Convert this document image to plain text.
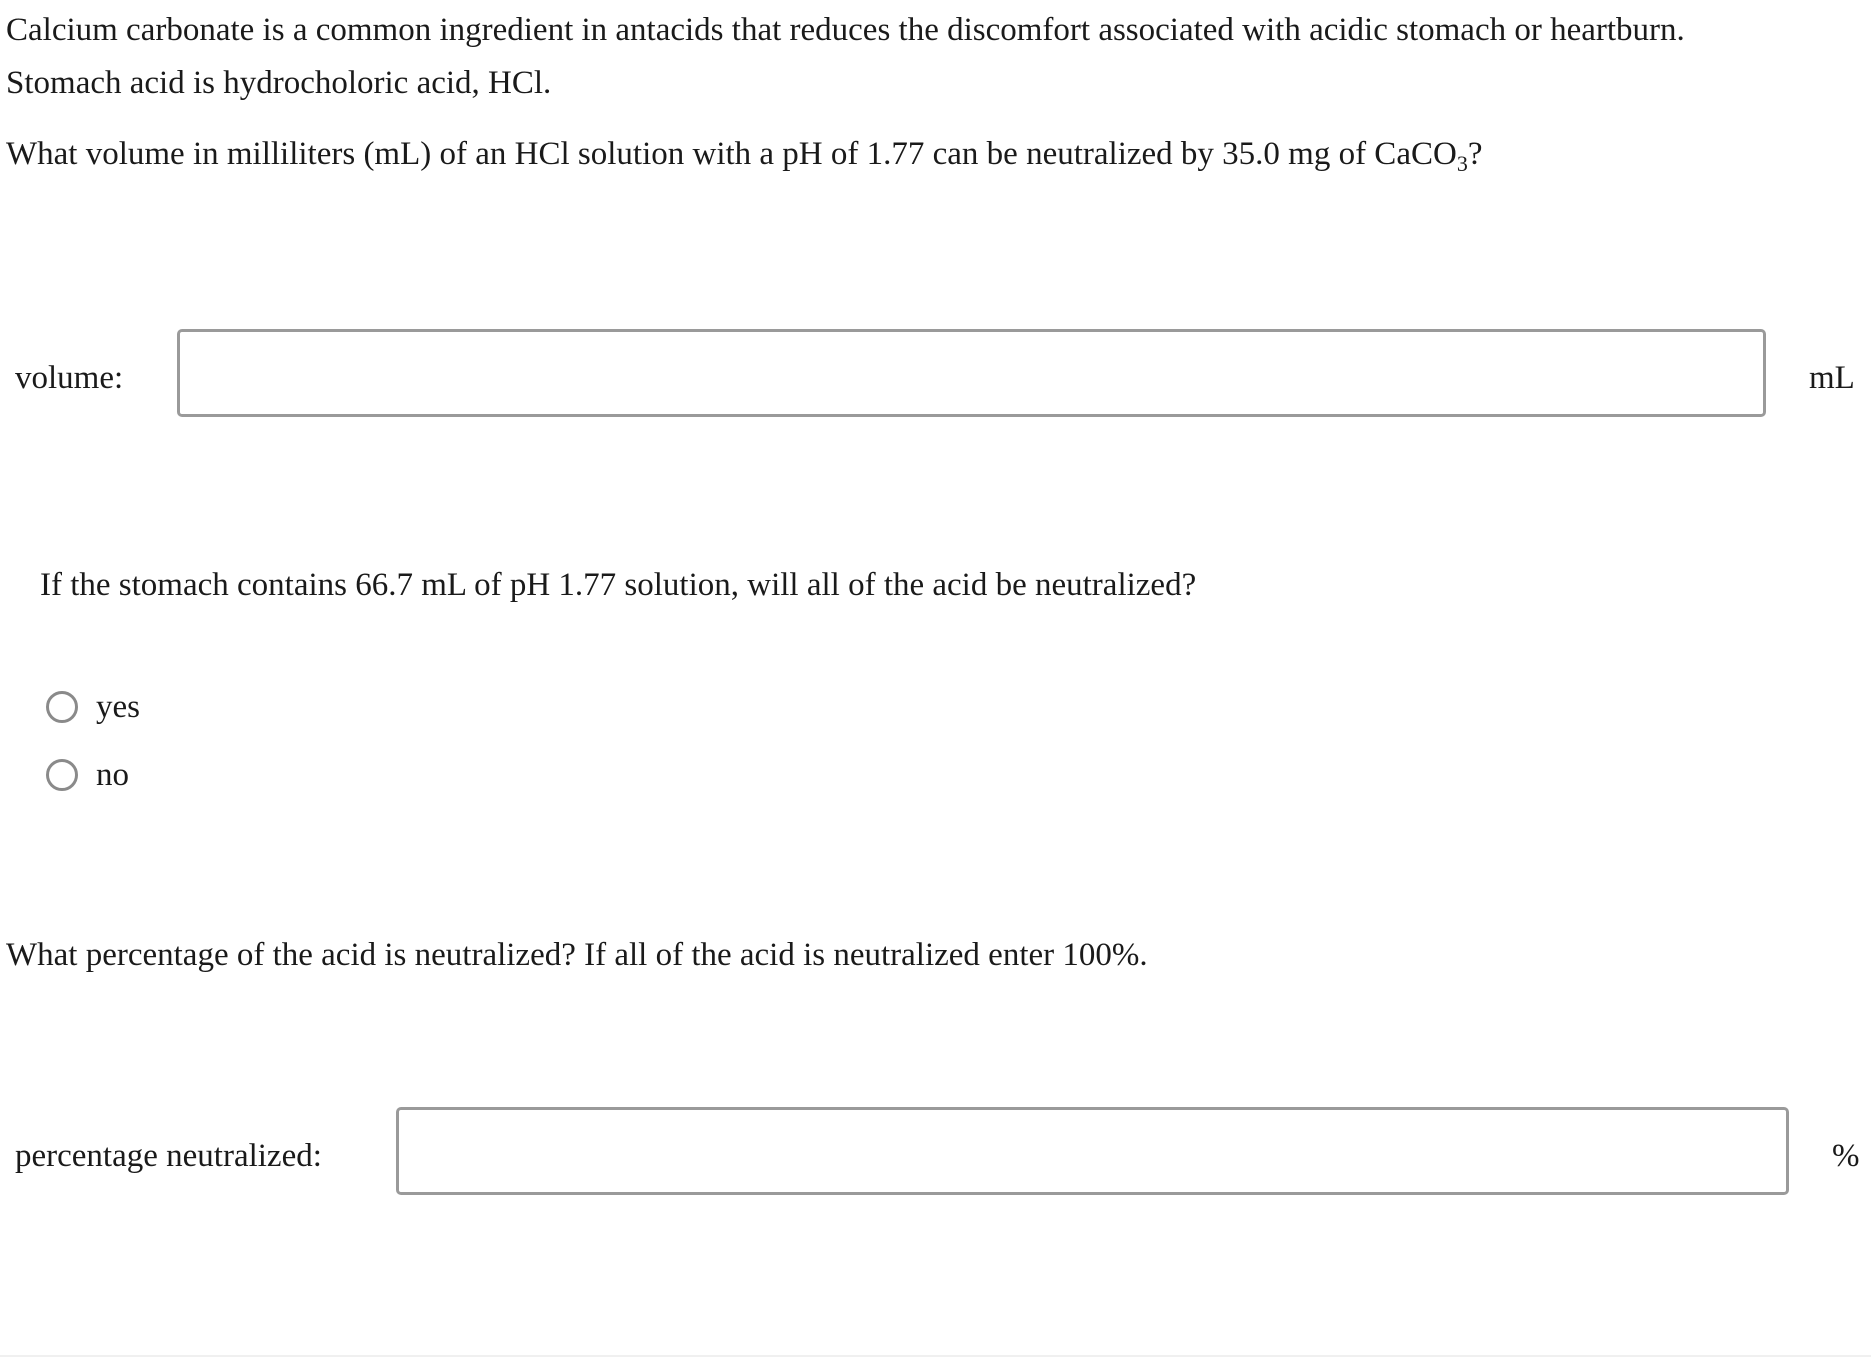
Calcium carbonate is a common ingredient in antacids that reduces the discomfort associated with acidic stomach or heartburn.
Stomach acid is hydrocholoric acid, HCl.

What volume in milliliters (mL) of an HCl solution with a pH of 1.77 can be neutralized by 35.0 mg of CaCO$_3$?

volume:	mL

If the stomach contains 66.7 mL of pH 1.77 solution, will all of the acid be neutralized?

yes
no

What percentage of the acid is neutralized? If all of the acid is neutralized enter 100%.

percentage neutralized:	%
